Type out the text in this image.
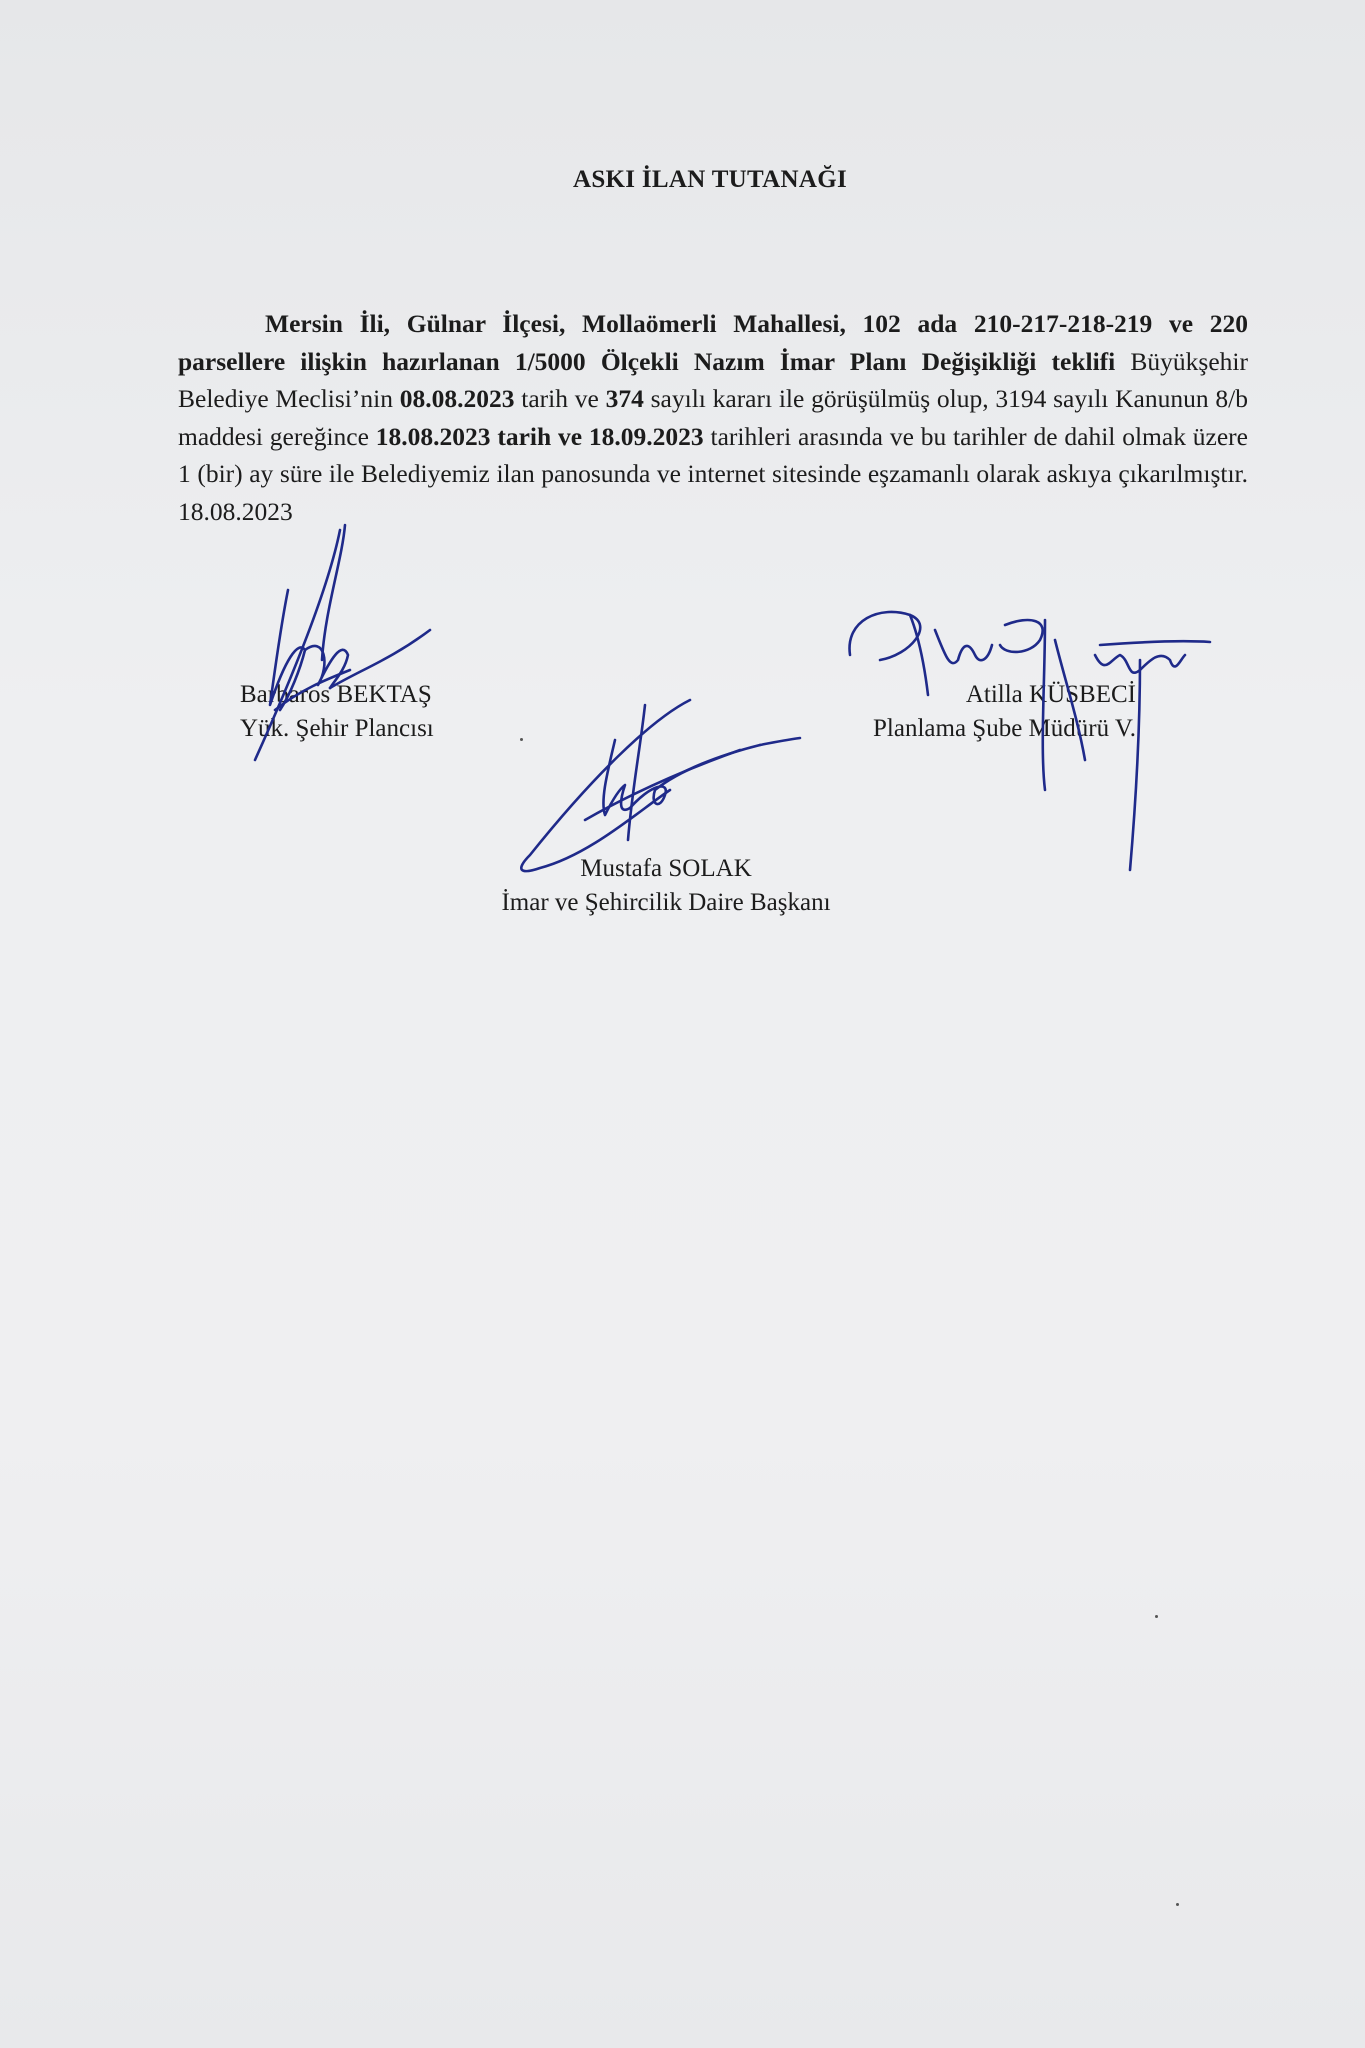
ASKI İLAN TUTANAĞI
Mersin İli, Gülnar İlçesi, Mollaömerli Mahallesi, 102 ada 210-217-218-219 ve 220 parsellere ilişkin hazırlanan 1/5000 Ölçekli Nazım İmar Planı Değişikliği teklifi Büyükşehir Belediye Meclisi’nin 08.08.2023 tarih ve 374 sayılı kararı ile görüşülmüş olup, 3194 sayılı Kanunun 8/b maddesi gereğince 18.08.2023 tarih ve 18.09.2023 tarihleri arasında ve bu tarihler de dahil olmak üzere 1 (bir) ay süre ile Belediyemiz ilan panosunda ve internet sitesinde eşzamanlı olarak askıya çıkarılmıştır. 18.08.2023
Barbaros BEKTAŞ
Yük. Şehir Plancısı
Atilla KÜSBECİ
Planlama Şube Müdürü V.
Mustafa SOLAK
İmar ve Şehircilik Daire Başkanı
